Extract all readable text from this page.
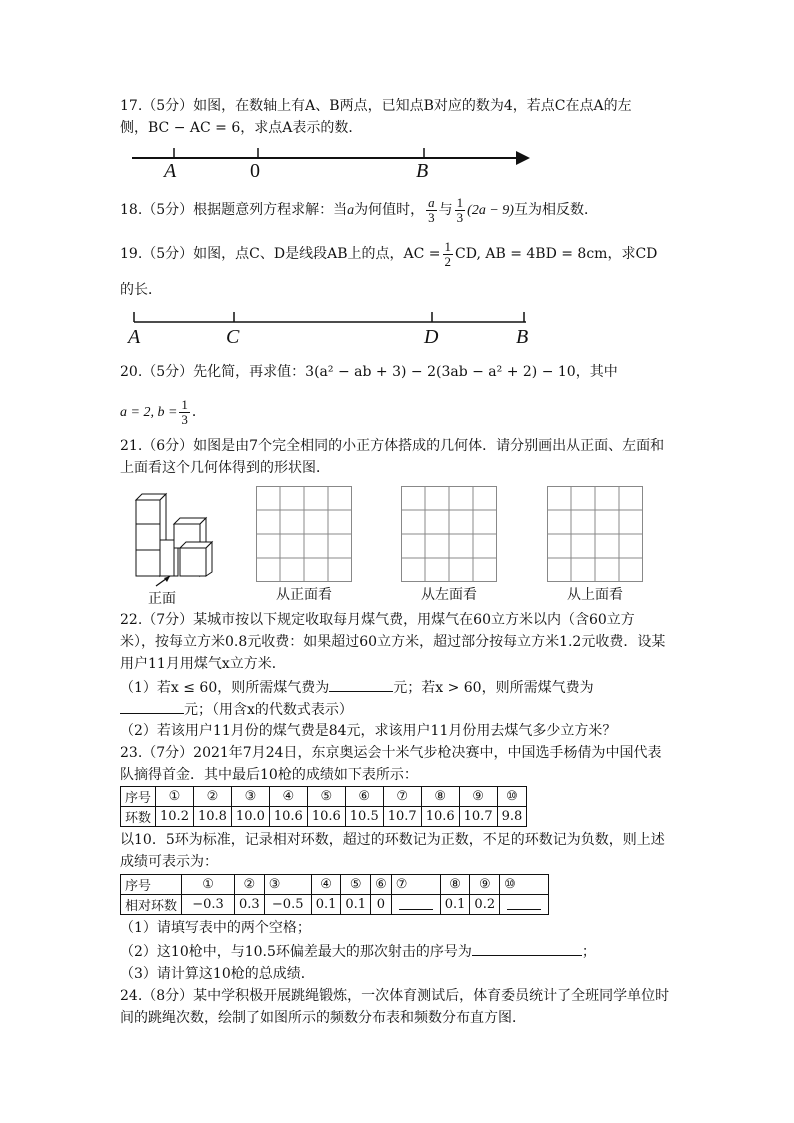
17.（5分）如图，在数轴上有A、B两点，已知点B对应的数为4，若点C在点A的左
侧，BC − AC = 6，求点A表示的数．
A	0	B
18.（5分）根据题意列方程求解：当a为何值时， $\frac{a}{3}$ 与 $\frac{1}{3} (2a - 9)$互为相反数．
19.（5分）如图，点C、D是线段AB上的点，AC = $\frac{1}{2}$ CD, AB = 4BD = 8cm，求CD
的长．
A	C	D	B
20.（5分）先化简，再求值：3(a² − ab + 3) − 2(3ab − a² + 2) − 10，其中
a = 2, $b = \frac{1}{3}$ ．
21.（6分）如图是由7个完全相同的小正方体搭成的几何体．请分别画出从正面、左面和
上面看这个几何体得到的形状图．
正面	从正面看	从左面看	从上面看
22.（7分）某城市按以下规定收取每月煤气费，用煤气在60立方米以内（含60立方
米），按每立方米0.8元收费：如果超过60立方米，超过部分按每立方米1.2元收费．设某
用户11月用煤气x立方米．
（1）若x ≤ 60，则所需煤气费为	元；若x > 60，则所需煤气费为
元；（用含x的代数式表示）
（2）若该用户11月份的煤气费是84元，求该用户11月份用去煤气多少立方米？
23.（7分）2021年7月24日，东京奥运会十米气步枪决赛中，中国选手杨倩为中国代表
队摘得首金．其中最后10枪的成绩如下表所示：
序号	①	②	③	④	⑤	⑥	⑦	⑧	⑨	⑩
环数	10.2	10.8	10.0	10.6	10.6	10.5	10.7	10.6	10.7	9.8
以10．5环为标准，记录相对环数，超过的环数记为正数，不足的环数记为负数，则上述
成绩可表示为：
序号	①	②	③	④	⑤	⑥	⑦	⑧	⑨	⑩
相对环数	−0.3	0.3	−0.5	0.1	0.1	0		0.1	0.2	
（1）请填写表中的两个空格；
（2）这10枪中，与10.5环偏差最大的那次射击的序号为	；
（3）请计算这10枪的总成绩．
24.（8分）某中学积极开展跳绳锻炼，一次体育测试后，体育委员统计了全班同学单位时
间的跳绳次数，绘制了如图所示的频数分布表和频数分布直方图．
